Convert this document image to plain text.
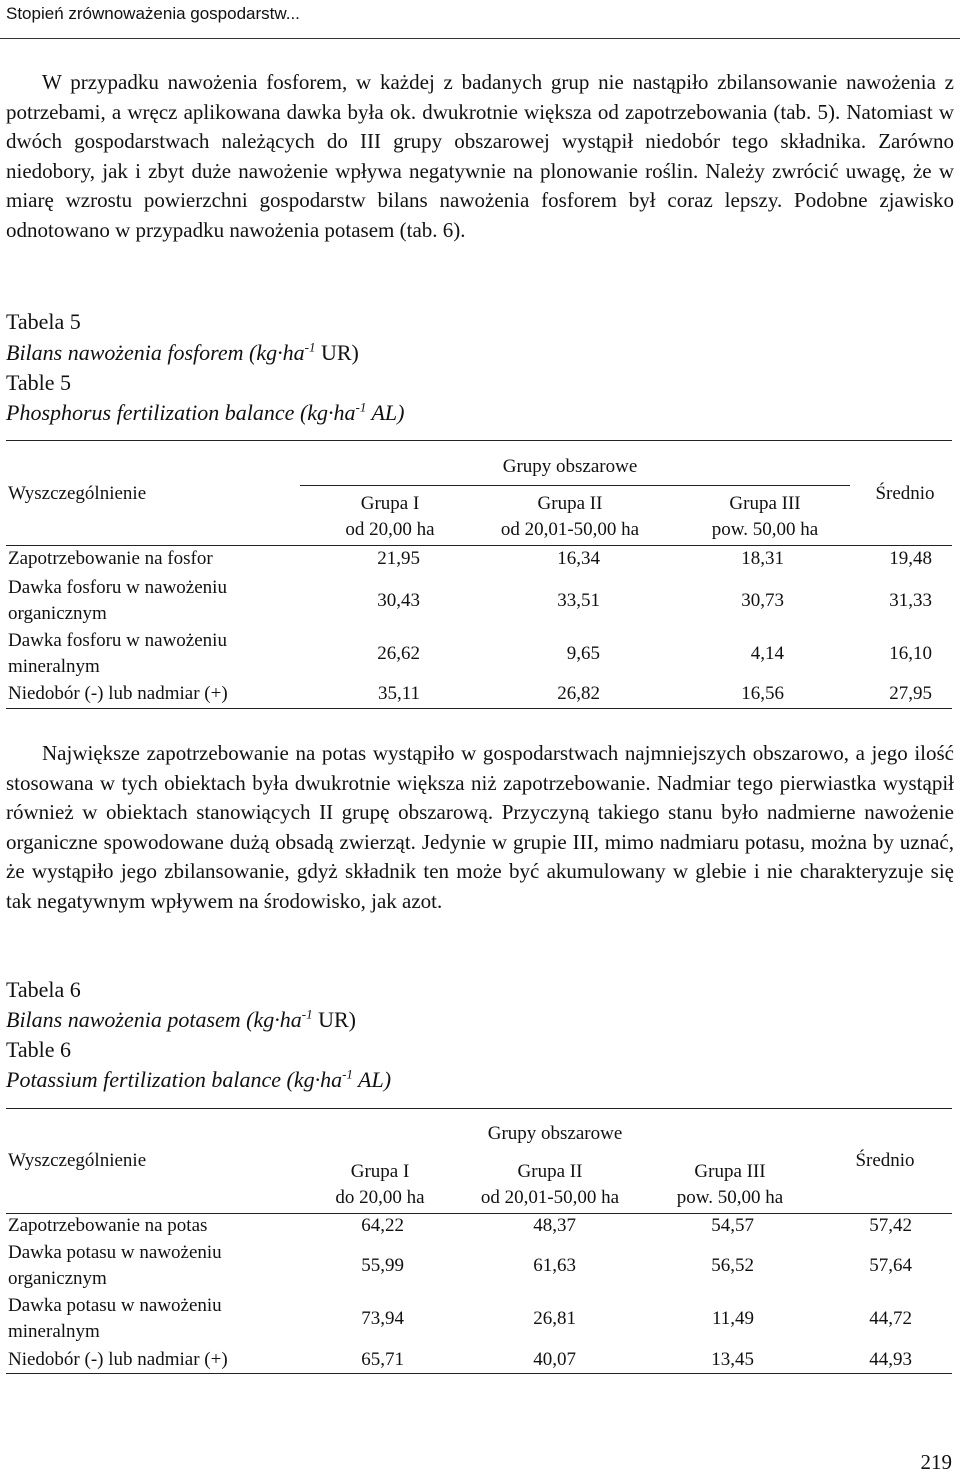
Stopień zrównoważenia gospodarstw...

W przypadku nawożenia fosforem, w każdej z badanych grup nie nastąpiło zbilansowanie nawożenia z potrzebami, a wręcz aplikowana dawka była ok. dwukrotnie większa od zapotrzebowania (tab. 5). Natomiast w dwóch gospodarstwach należących do III grupy obszarowej wystąpił niedobór tego składnika. Zarówno niedobory, jak i zbyt duże nawożenie wpływa negatywnie na plonowanie roślin. Należy zwrócić uwagę, że w miarę wzrostu powierzchni gospodarstw bilans nawożenia fosforem był coraz lepszy. Podobne zjawisko odnotowano w przypadku nawożenia potasem (tab. 6).

Tabela 5

Bilans nawożenia fosforem ($kg\cdot ha^{-1}$ UR)

Table 5

Phosphorus fertilization balance ($kg\cdot ha^{-1}$ AL)

Wyszczególnienie
Grupy obszarowe
Średnio
Grupa I
od 20,00 ha
Grupa II
od 20,01-50,00 ha
Grupa III
pow. 50,00 ha
Zapotrzebowanie na fosfor	21,95	16,34	18,31	19,48
Dawka fosforu w nawożeniu
organicznym
30,43	33,51	30,73	31,33
Dawka fosforu w nawożeniu
mineralnym
26,62	9,65	4,14	16,10
Niedobór (-) lub nadmiar (+)	35,11	26,82	16,56	27,95

Największe zapotrzebowanie na potas wystąpiło w gospodarstwach najmniejszych obszarowo, a jego ilość stosowana w tych obiektach była dwukrotnie większa niż zapotrzebowanie. Nadmiar tego pierwiastka wystąpił również w obiektach stanowiących II grupę obszarową. Przyczyną takiego stanu było nadmierne nawożenie organiczne spowodowane dużą obsadą zwierząt. Jedynie w grupie III, mimo nadmiaru potasu, można by uznać, że wystąpiło jego zbilansowanie, gdyż składnik ten może być akumulowany w glebie i nie charakteryzuje się tak negatywnym wpływem na środowisko, jak azot.

Tabela 6

Bilans nawożenia potasem ($kg\cdot ha^{-1}$ UR)

Table 6

Potassium fertilization balance ($kg\cdot ha^{-1}$ AL)

Wyszczególnienie
Grupy obszarowe
Średnio
Grupa I
do 20,00 ha
Grupa II
od 20,01-50,00 ha
Grupa III
pow. 50,00 ha
Zapotrzebowanie na potas	64,22	48,37	54,57	57,42
Dawka potasu w nawożeniu
organicznym
55,99	61,63	56,52	57,64
Dawka potasu w nawożeniu
mineralnym
73,94	26,81	11,49	44,72
Niedobór (-) lub nadmiar (+)	65,71	40,07	13,45	44,93
219
